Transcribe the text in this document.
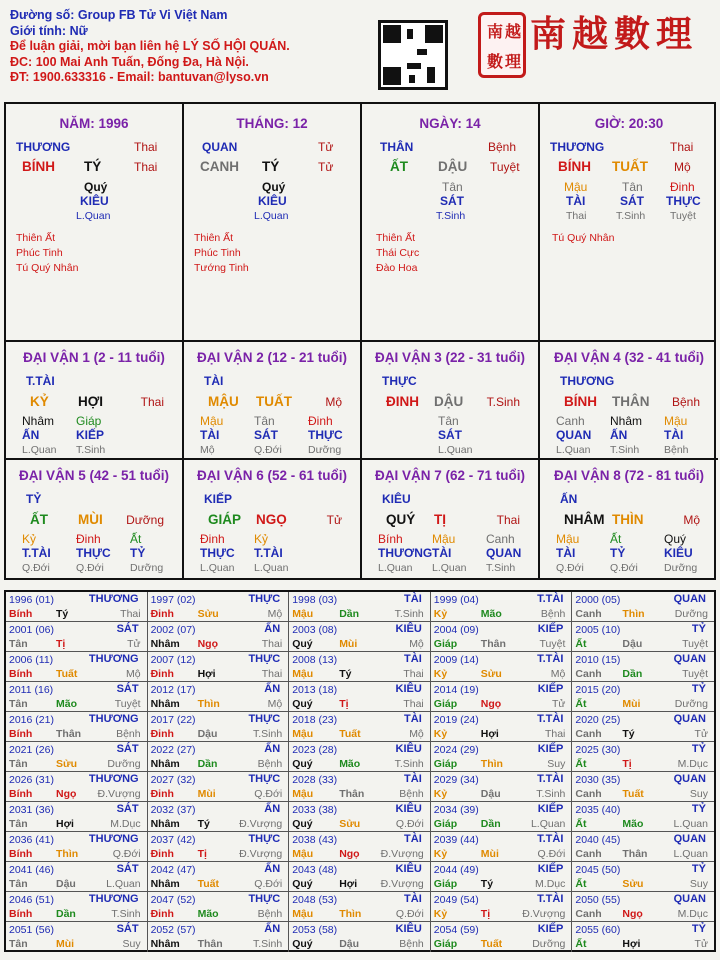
Đường số: Group FB Tử Vi Việt Nam
Giới tính: Nữ
Để luận giải, mời bạn liên hệ LÝ SỐ HỘI QUÁN.
ĐC: 100 Mai Anh Tuấn, Đống Đa, Hà Nội.
ĐT: 1900.633316 - Email: bantuvan@lyso.vn
南 越
數 理
南越數理
NĂM: 1996
THƯƠNG	Thai
BÍNH TÝ	Thai
Quý
KIÊU
L.Quan
Thiên Ất
Phúc Tinh
Tú Quý Nhân
THÁNG: 12
QUAN	Tử
CANH TÝ	Tử
Quý
KIÊU
L.Quan
Thiên Ất
Phúc Tinh
Tướng Tinh
NGÀY: 14
THÂN	Bệnh
ẤT DẬU Tuyệt
Tân
SÁT
T.Sinh
Thiên Ất
Thái Cực
Đào Hoa
GIỜ: 20:30
THƯƠNG	Thai
BÍNH TUẤT Mộ
Mậu
TÀI
Thai
Tân
SÁT
T.Sinh
Đinh
THỰC
Tuyệt
Tú Quý Nhân
ĐẠI VẬN 1 (2 - 11 tuổi)
T.TÀI
KỶ HỢI	Thai
Nhâm
ẤN
L.Quan
Giáp
KIẾP
T.Sinh
ĐẠI VẬN 2 (12 - 21 tuổi)
TÀI
MẬU TUẤT	Mộ
Mậu
TÀI
Mộ
Tân
SÁT
Q.Đới
Đinh
THỰC
Dưỡng
ĐẠI VẬN 3 (22 - 31 tuổi)
THỰC
ĐINH DẬU T.Sinh
Tân
SÁT
L.Quan
ĐẠI VẬN 4 (32 - 41 tuổi)
THƯƠNG
BÍNH THÂN Bệnh
Canh
QUAN
L.Quan
Nhâm
ẤN
T.Sinh
Mậu
TÀI
Bệnh
ĐẠI VẬN 5 (42 - 51 tuổi)
TỶ
ẤT MÙI Dưỡng
Kỷ
T.TÀI
Q.Đới
Đinh
THỰC
Q.Đới
Ất
TỶ
Dưỡng
ĐẠI VẬN 6 (52 - 61 tuổi)
KIẾP
GIÁP NGỌ	Tử
Đinh
THỰC
L.Quan
Kỷ
T.TÀI
L.Quan
ĐẠI VẬN 7 (62 - 71 tuổi)
KIÊU
QUÝ TỊ	Thai
Bính
THƯƠNG
L.Quan
Mậu
TÀI
L.Quan
Canh
QUAN
T.Sinh
ĐẠI VẬN 8 (72 - 81 tuổi)
ẤN
NHÂM THÌN	Mộ
Mậu
TÀI
Q.Đới
Ất
TỶ
Q.Đới
Quý
KIÊU
Dưỡng
1996 (01)	THƯƠNG
Bính Tý	Thai
1997 (02)	THỰC
Đinh Sửu	Mộ
1998 (03)	TÀI
Mậu Dần	T.Sinh
1999 (04)	T.TÀI
Kỷ	Mão	Bệnh
2000 (05)	QUAN
Canh Thìn	Dưỡng
2001 (06)	SÁT
Tân	Tị	Tử
2002 (07)	ẤN
Nhâm Ngọ	Thai
2003 (08)	KIÊU
Quý	Mùi	Mộ
2004 (09)	KIẾP
Giáp Thân	Tuyệt
2005 (10)	TỶ
Ất	Dậu	Tuyệt
2006 (11)	THƯƠNG
Bính Tuất	Mộ
2007 (12)	THỰC
Đinh Hợi	Thai
2008 (13)	TÀI
Mậu Tý	Thai
2009 (14)	T.TÀI
Kỷ	Sửu	Mộ
2010 (15)	QUAN
Canh Dần	Tuyệt
2011 (16)	SÁT
Tân	Mão	Tuyệt
2012 (17)	ẤN
Nhâm Thìn	Mộ
2013 (18)	KIÊU
Quý	Tị	Thai
2014 (19)	KIẾP
Giáp Ngọ	Tử
2015 (20)	TỶ
Ất	Mùi	Dưỡng
2016 (21)	THƯƠNG
Bính Thân	Bệnh
2017 (22)	THỰC
Đinh Dậu	T.Sinh
2018 (23)	TÀI
Mậu Tuất	Mộ
2019 (24)	T.TÀI
Kỷ	Hợi	Thai
2020 (25)	QUAN
Canh Tý	Tử
2021 (26)	SÁT
Tân	Sửu	Dưỡng
2022 (27)	ẤN
Nhâm Dần	Bệnh
2023 (28)	KIÊU
Quý	Mão	T.Sinh
2024 (29)	KIẾP
Giáp Thìn	Suy
2025 (30)	TỶ
Ất	Tị	M.Dục
2026 (31)	THƯƠNG
Bính Ngọ Đ.Vượng
2027 (32)	THỰC
Đinh Mùi	Q.Đới
2028 (33)	TÀI
Mậu Thân	Bệnh
2029 (34)	T.TÀI
Kỷ	Dậu	T.Sinh
2030 (35)	QUAN
Canh Tuất	Suy
2031 (36)	SÁT
Tân	Hợi	M.Dục
2032 (37)	ẤN
Nhâm Tý	Đ.Vượng
2033 (38)	KIÊU
Quý	Sửu	Q.Đới
2034 (39)	KIẾP
Giáp Dần	L.Quan
2035 (40)	TỶ
Ất	Mão	L.Quan
2036 (41)	THƯƠNG
Bính Thìn	Q.Đới
2037 (42)	THỰC
Đinh Tị	Đ.Vượng
2038 (43)	TÀI
Mậu Ngọ Đ.Vượng
2039 (44)	T.TÀI
Kỷ	Mùi	Q.Đới
2040 (45)	QUAN
Canh Thân L.Quan
2041 (46)	SÁT
Tân	Dậu	L.Quan
2042 (47)	ẤN
Nhâm Tuất	Q.Đới
2043 (48)	KIÊU
Quý	Hợi Đ.Vượng
2044 (49)	KIẾP
Giáp Tý	M.Dục
2045 (50)	TỶ
Ất	Sửu	Suy
2046 (51)	THƯƠNG
Bính Dần	T.Sinh
2047 (52)	THỰC
Đinh Mão	Bệnh
2048 (53)	TÀI
Mậu Thìn	Q.Đới
2049 (54)	T.TÀI
Kỷ	Tị	Đ.Vượng
2050 (55)	QUAN
Canh Ngọ	M.Dục
2051 (56)	SÁT
Tân	Mùi	Suy
2052 (57)	ẤN
Nhâm Thân	T.Sinh
2053 (58)	KIÊU
Quý	Dậu	Bệnh
2054 (59)	KIẾP
Giáp Tuất	Dưỡng
2055 (60)	TỶ
Ất	Hợi	Tử
